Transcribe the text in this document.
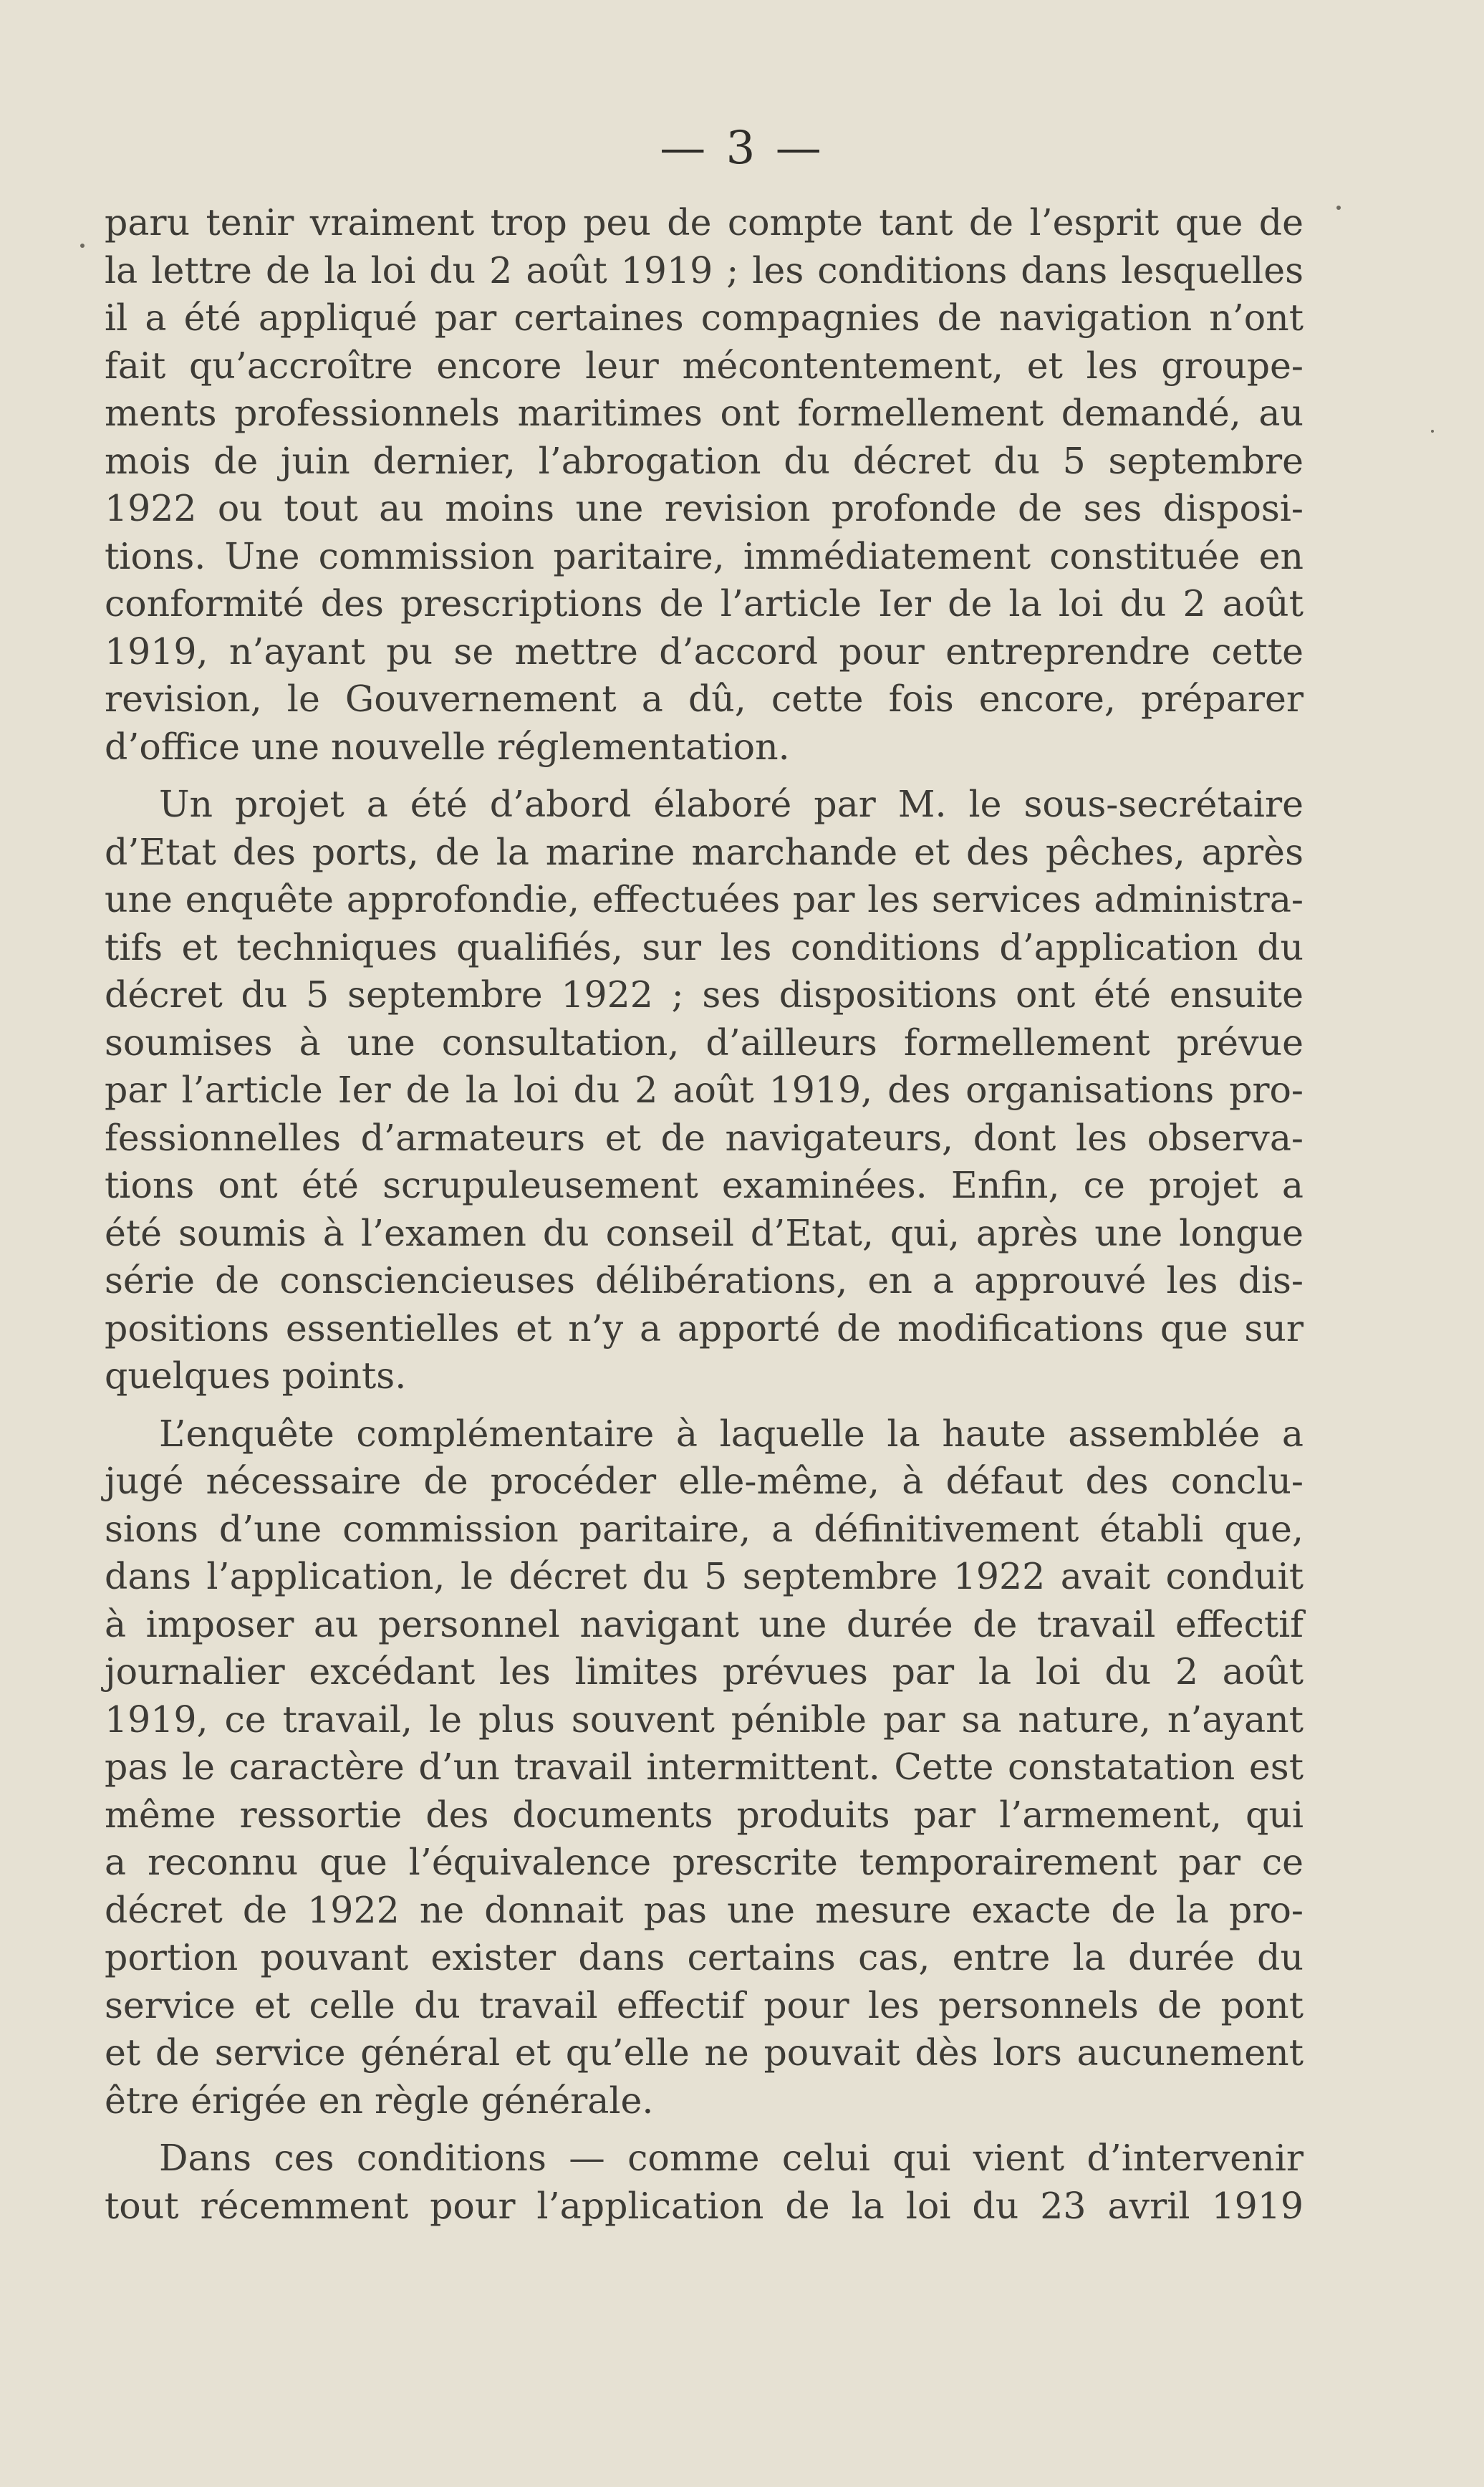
— 3 —
paru tenir vraiment trop peu de compte tant de l’esprit que de
la lettre de la loi du 2 août 1919 ; les conditions dans lesquelles
il a été appliqué par certaines compagnies de navigation n’ont
fait qu’accroître encore leur mécontentement, et les groupe-
ments professionnels maritimes ont formellement demandé, au
mois de juin dernier, l’abrogation du décret du 5 septembre
1922 ou tout au moins une revision profonde de ses disposi-
tions. Une commission paritaire, immédiatement constituée en
conformité des prescriptions de l’article Ier de la loi du 2 août
1919, n’ayant pu se mettre d’accord pour entreprendre cette
revision, le Gouvernement a dû, cette fois encore, préparer
d’office une nouvelle réglementation.
Un projet a été d’abord élaboré par M. le sous-secrétaire
d’Etat des ports, de la marine marchande et des pêches, après
une enquête approfondie, effectuées par les services administra-
tifs et techniques qualifiés, sur les conditions d’application du
décret du 5 septembre 1922 ; ses dispositions ont été ensuite
soumises à une consultation, d’ailleurs formellement prévue
par l’article Ier de la loi du 2 août 1919, des organisations pro-
fessionnelles d’armateurs et de navigateurs, dont les observa-
tions ont été scrupuleusement examinées. Enfin, ce projet a
été soumis à l’examen du conseil d’Etat, qui, après une longue
série de consciencieuses délibérations, en a approuvé les dis-
positions essentielles et n’y a apporté de modifications que sur
quelques points.
L’enquête complémentaire à laquelle la haute assemblée a
jugé nécessaire de procéder elle-même, à défaut des conclu-
sions d’une commission paritaire, a définitivement établi que,
dans l’application, le décret du 5 septembre 1922 avait conduit
à imposer au personnel navigant une durée de travail effectif
journalier excédant les limites prévues par la loi du 2 août
1919, ce travail, le plus souvent pénible par sa nature, n’ayant
pas le caractère d’un travail intermittent. Cette constatation est
même ressortie des documents produits par l’armement, qui
a reconnu que l’équivalence prescrite temporairement par ce
décret de 1922 ne donnait pas une mesure exacte de la pro-
portion pouvant exister dans certains cas, entre la durée du
service et celle du travail effectif pour les personnels de pont
et de service général et qu’elle ne pouvait dès lors aucunement
être érigée en règle générale.
Dans ces conditions — comme celui qui vient d’intervenir
tout récemment pour l’application de la loi du 23 avril 1919
